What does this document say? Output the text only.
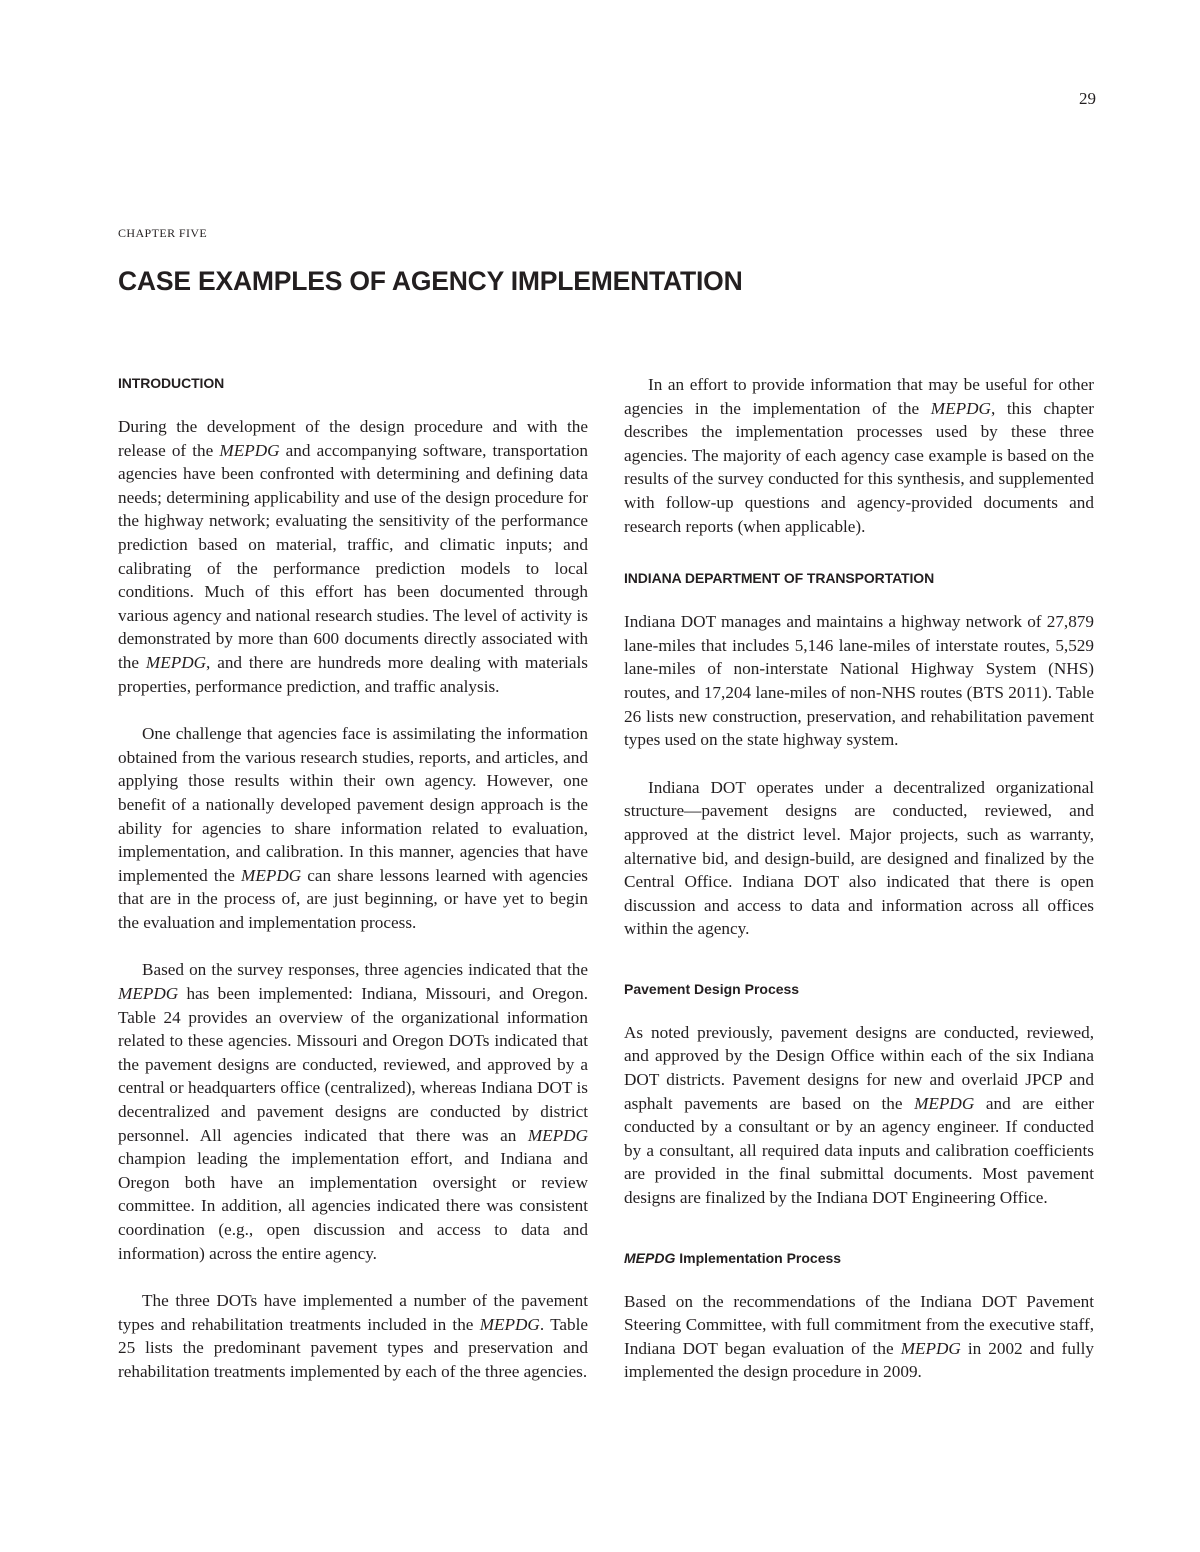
29
CHAPTER FIVE
CASE EXAMPLES OF AGENCY IMPLEMENTATION
INTRODUCTION

During the development of the design procedure and with the release of the MEPDG and accompanying software, transportation agencies have been confronted with determining and defining data needs; determining applicability and use of the design procedure for the highway network; evaluating the sensitivity of the performance prediction based on material, traffic, and climatic inputs; and calibrating of the performance prediction models to local conditions. Much of this effort has been documented through various agency and national research studies. The level of activity is demonstrated by more than 600 documents directly associated with the MEPDG, and there are hundreds more dealing with materials properties, performance prediction, and traffic analysis.

One challenge that agencies face is assimilating the information obtained from the various research studies, reports, and articles, and applying those results within their own agency. However, one benefit of a nationally developed pavement design approach is the ability for agencies to share information related to evaluation, implementation, and calibration. In this manner, agencies that have implemented the MEPDG can share lessons learned with agencies that are in the process of, are just beginning, or have yet to begin the evaluation and implementation process.

Based on the survey responses, three agencies indicated that the MEPDG has been implemented: Indiana, Missouri, and Oregon. Table 24 provides an overview of the organizational information related to these agencies. Missouri and Oregon DOTs indicated that the pavement designs are conducted, reviewed, and approved by a central or headquarters office (centralized), whereas Indiana DOT is decentralized and pavement designs are conducted by district personnel. All agencies indicated that there was an MEPDG champion leading the implementation effort, and Indiana and Oregon both have an implementation oversight or review committee. In addition, all agencies indicated there was consistent coordination (e.g., open discussion and access to data and information) across the entire agency.

The three DOTs have implemented a number of the pavement types and rehabilitation treatments included in the MEPDG. Table 25 lists the predominant pavement types and preservation and rehabilitation treatments implemented by each of the three agencies.

In an effort to provide information that may be useful for other agencies in the implementation of the MEPDG, this chapter describes the implementation processes used by these three agencies. The majority of each agency case example is based on the results of the survey conducted for this synthesis, and supplemented with follow-up questions and agency-provided documents and research reports (when applicable).

INDIANA DEPARTMENT OF TRANSPORTATION

Indiana DOT manages and maintains a highway network of 27,879 lane-miles that includes 5,146 lane-miles of interstate routes, 5,529 lane-miles of non-interstate National Highway System (NHS) routes, and 17,204 lane-miles of non-NHS routes (BTS 2011). Table 26 lists new construction, preservation, and rehabilitation pavement types used on the state highway system.

Indiana DOT operates under a decentralized organizational structure—pavement designs are conducted, reviewed, and approved at the district level. Major projects, such as warranty, alternative bid, and design-build, are designed and finalized by the Central Office. Indiana DOT also indicated that there is open discussion and access to data and information across all offices within the agency.

Pavement Design Process

As noted previously, pavement designs are conducted, reviewed, and approved by the Design Office within each of the six Indiana DOT districts. Pavement designs for new and overlaid JPCP and asphalt pavements are based on the MEPDG and are either conducted by a consultant or by an agency engineer. If conducted by a consultant, all required data inputs and calibration coefficients are provided in the final submittal documents. Most pavement designs are finalized by the Indiana DOT Engineering Office.

MEPDG Implementation Process

Based on the recommendations of the Indiana DOT Pavement Steering Committee, with full commitment from the executive staff, Indiana DOT began evaluation of the MEPDG in 2002 and fully implemented the design procedure in 2009.
